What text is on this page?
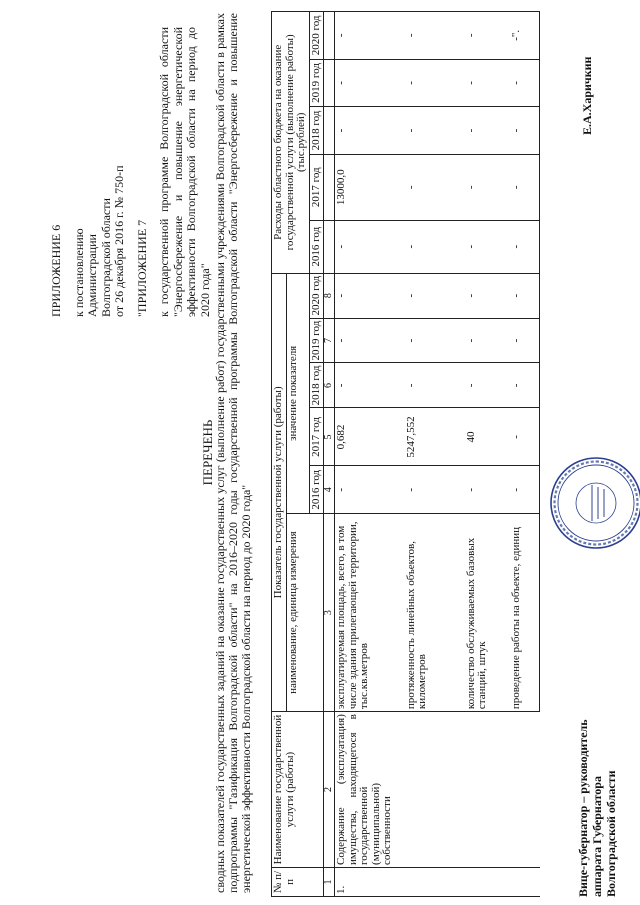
ПРИЛОЖЕНИЕ 6 к постановлению Администрации Волгоградской области от 26 декабря 2016 г. № 750-п "ПРИЛОЖЕНИЕ 7 к государственной программе Волгоградской области "Энергосбережение и повышение энергетической эффективности Волгоградской области на период до 2020 года"
ПЕРЕЧЕНЬ
сводных показателей государственных заданий на оказание государственных услуг (выполнение работ) государственными учреждениями Волгоградской области в рамках подпрограммы "Газификация Волгоградской области" на 2016–2020 годы государственной программы Волгоградской области "Энергосбережение и повышение энергетической эффективности Волгоградской области на период до 2020 года" № п/п	Наименование государственной услуги (работы)	Показатель государственной услуги (работы)						Расходы областного бюджета на оказание государственной услуги (выполнение работы) (тыс.рублей)				
		наименование, единица измерения	значение показателя									
			2016 год	2017 год	2018 год	2019 год	2020 год	2016 год	2017 год	2018 год	2019 год	2020 год
1	2	3	4	5	6	7	8					
1.	Содержание (эксплуатация) имущества, находящегося в государственной (муниципальной) собственности	эксплуатируемая площадь, всего, в том числе здания прилегающей территории, тыс.кв.метров	-	0,682	-	-	-	-	13000,0	-	-	-
		протяженность линейных объектов, километров	-	5247,552	-	-	-	-	-	-	-	-
		количество обслуживаемых базовых станций, штук	-	40	-	-	-	-	-	-	-	-
		проведение работы на объекте, единиц	-	-	-	-	-	-	-	-	-	-".
Вице-губернатор – руководитель аппарата Губернатора Волгоградской области
Е.А.Харичкин
